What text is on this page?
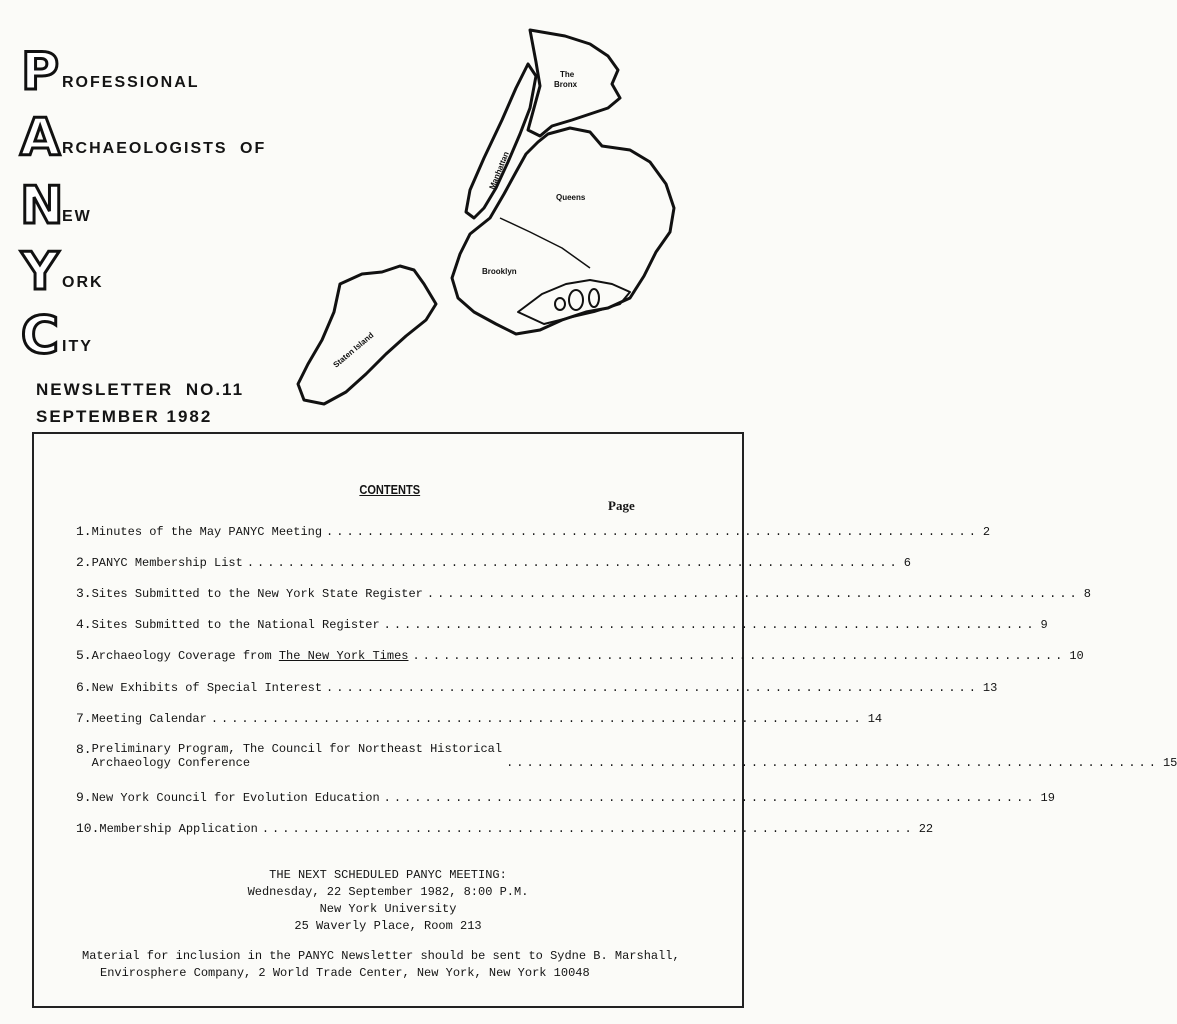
P ROFESSIONAL
A RCHAEOLOGISTS OF
N
EW
Y ORK
C ITY
NEWSLETTER NO.11
SEPTEMBER 1982
The
Bronx
Manhattan
Queens
Brooklyn
Staten Island
CONTENTS
Page
1. Minutes of the May PANYC Meeting ................................................................ 2
2. PANYC Membership List ................................................................ 6
3. Sites Submitted to the New York State Register ................................................................ 8
4. Sites Submitted to the National Register ................................................................ 9
5. Archaeology Coverage from The New York Times ................................................................ 10
6. New Exhibits of Special Interest ................................................................ 13
7. Meeting Calendar ................................................................ 14
8. Preliminary Program, The Council for Northeast Historical
Archaeology Conference	................................................................ 15
9. New York Council for Evolution Education ................................................................ 19
10. Membership Application ................................................................ 22
THE NEXT SCHEDULED PANYC MEETING:
Wednesday, 22 September 1982, 8:00 P.M.
New York University
25 Waverly Place, Room 213
Material for inclusion in the PANYC Newsletter should be sent to Sydne B. Marshall,
Envirosphere Company, 2 World Trade Center, New York, New York 10048
